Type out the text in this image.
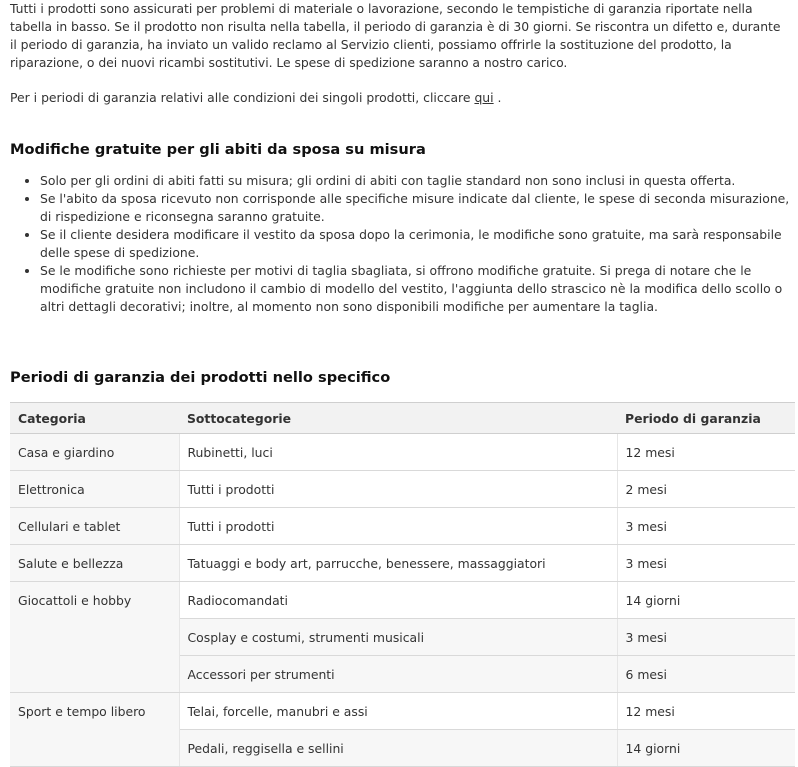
Tutti i prodotti sono assicurati per problemi di materiale o lavorazione, secondo le tempistiche di garanzia riportate nella tabella in basso. Se il prodotto non risulta nella tabella, il periodo di garanzia è di 30 giorni. Se riscontra un difetto e, durante il periodo di garanzia, ha inviato un valido reclamo al Servizio clienti, possiamo offrirle la sostituzione del prodotto, la riparazione, o dei nuovi ricambi sostitutivi. Le spese di spedizione saranno a nostro carico.

Per i periodi di garanzia relativi alle condizioni dei singoli prodotti, cliccare qui .

Modifiche gratuite per gli abiti da sposa su misura
• Solo per gli ordini di abiti fatti su misura; gli ordini di abiti con taglie standard non sono inclusi in questa offerta.
• Se l'abito da sposa ricevuto non corrisponde alle specifiche misure indicate dal cliente, le spese di seconda misurazione, di rispedizione e riconsegna saranno gratuite.
• Se il cliente desidera modificare il vestito da sposa dopo la cerimonia, le modifiche sono gratuite, ma sarà responsabile delle spese di spedizione.
• Se le modifiche sono richieste per motivi di taglia sbagliata, si offrono modifiche gratuite. Si prega di notare che le modifiche gratuite non includono il cambio di modello del vestito, l'aggiunta dello strascico nè la modifica dello scollo o altri dettagli decorativi; inoltre, al momento non sono disponibili modifiche per aumentare la taglia.
Periodi di garanzia dei prodotti nello specifico
Categoria	Sottocategorie	Periodo di garanzia
Casa e giardino	Rubinetti, luci	12 mesi
Elettronica	Tutti i prodotti	2 mesi
Cellulari e tablet	Tutti i prodotti	3 mesi
Salute e bellezza	Tatuaggi e body art, parrucche, benessere, massaggiatori	3 mesi
Giocattoli e hobby	Radiocomandati	14 giorni
	Cosplay e costumi, strumenti musicali	3 mesi
	Accessori per strumenti	6 mesi
Sport e tempo libero	Telai, forcelle, manubri e assi	12 mesi
	Pedali, reggisella e sellini	14 giorni
